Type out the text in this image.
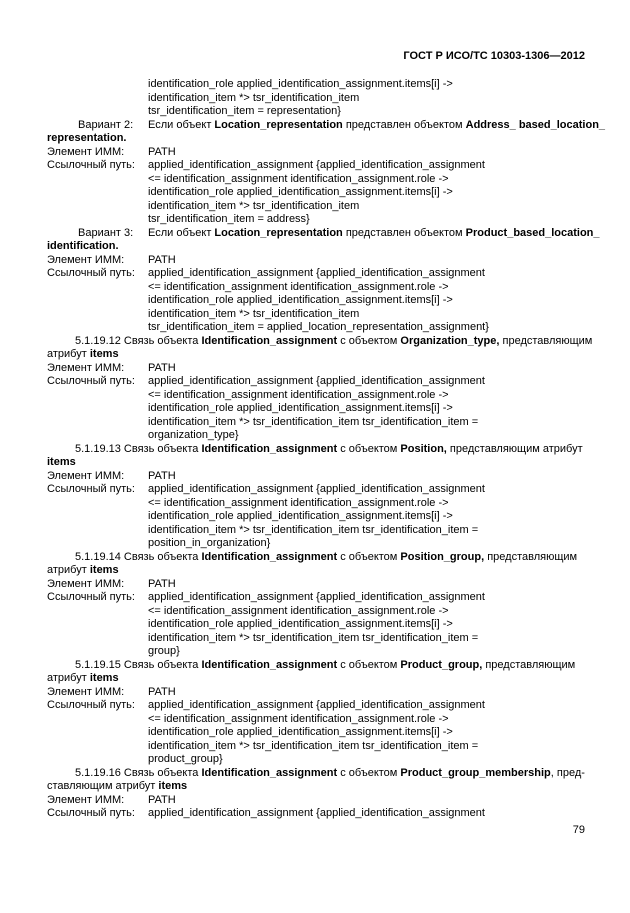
ГОСТ Р ИСО/ТС 10303-1306—2012
identification_role applied_identification_assignment.items[i] ->
identification_item *> tsr_identification_item
tsr_identification_item = representation}
Вариант 2:	Если объект Location_representation представлен объектом Address_ based_location_
representation.
Элемент ИММ:	PATH
Ссылочный путь:	applied_identification_assignment {applied_identification_assignment
<= identification_assignment identification_assignment.role ->
identification_role applied_identification_assignment.items[i] ->
identification_item *> tsr_identification_item
tsr_identification_item = address}
Вариант 3:	Если объект Location_representation представлен объектом Product_based_location_
identification.
Элемент ИММ:	PATH
Ссылочный путь:	applied_identification_assignment {applied_identification_assignment
<= identification_assignment identification_assignment.role ->
identification_role applied_identification_assignment.items[i] ->
identification_item *> tsr_identification_item
tsr_identification_item = applied_location_representation_assignment}
5.1.19.12 Связь объекта Identification_assignment с объектом Organization_type, представляющим
атрибут items
Элемент ИММ:	PATH
Ссылочный путь:	applied_identification_assignment {applied_identification_assignment
<= identification_assignment identification_assignment.role ->
identification_role applied_identification_assignment.items[i] ->
identification_item *> tsr_identification_item tsr_identification_item =
organization_type}
5.1.19.13 Связь объекта Identification_assignment с объектом Position, представляющим атрибут
items
Элемент ИММ:	PATH
Ссылочный путь:	applied_identification_assignment {applied_identification_assignment
<= identification_assignment identification_assignment.role ->
identification_role applied_identification_assignment.items[i] ->
identification_item *> tsr_identification_item tsr_identification_item =
position_in_organization}
5.1.19.14 Связь объекта Identification_assignment с объектом Position_group, представляющим
атрибут items
Элемент ИММ:	PATH
Ссылочный путь:	applied_identification_assignment {applied_identification_assignment
<= identification_assignment identification_assignment.role ->
identification_role applied_identification_assignment.items[i] ->
identification_item *> tsr_identification_item tsr_identification_item =
group}
5.1.19.15 Связь объекта Identification_assignment с объектом Product_group, представляющим
атрибут items
Элемент ИММ:	PATH
Ссылочный путь:	applied_identification_assignment {applied_identification_assignment
<= identification_assignment identification_assignment.role ->
identification_role applied_identification_assignment.items[i] ->
identification_item *> tsr_identification_item tsr_identification_item =
product_group}
5.1.19.16 Связь объекта Identification_assignment с объектом Product_group_membership, пред-
ставляющим атрибут items
Элемент ИММ:	PATH
Ссылочный путь:	applied_identification_assignment {applied_identification_assignment
79
